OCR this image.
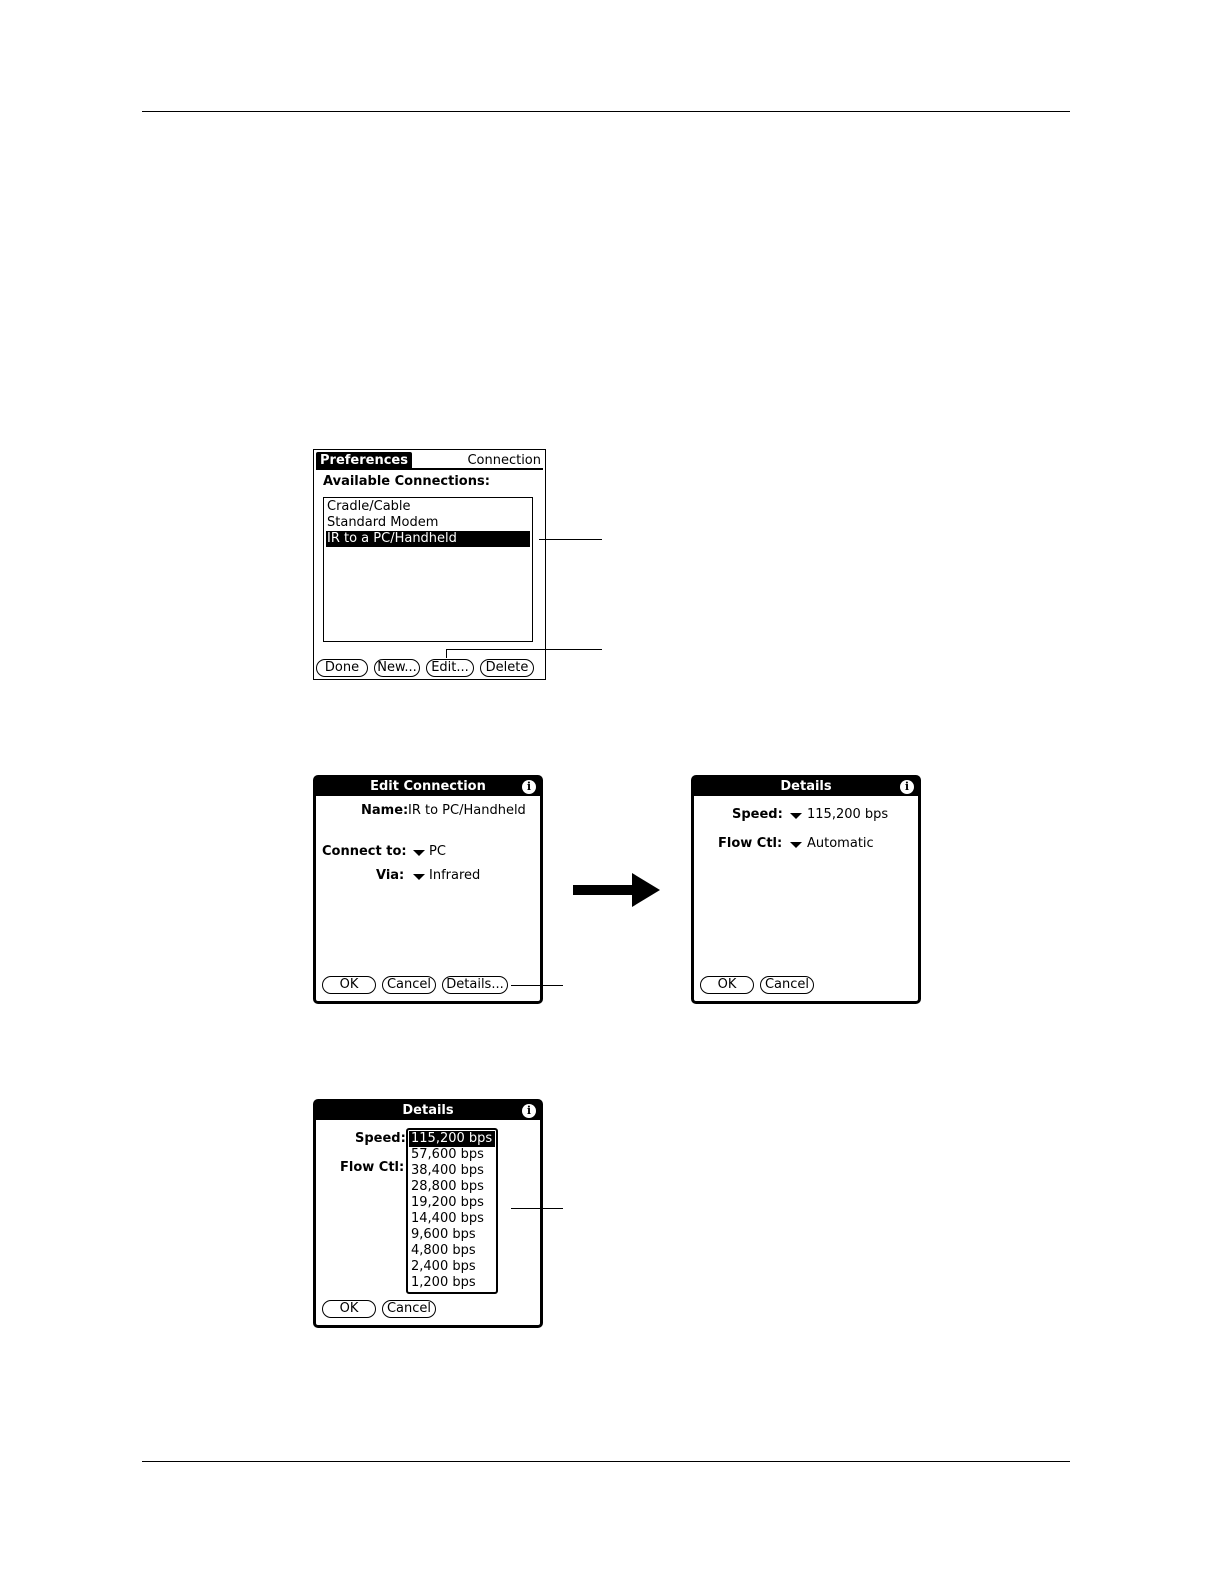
Preferences	Connection
Available Connections:
Cradle/Cable
Standard Modem
IR to a PC/Handheld
Done	New...	Edit...	Delete
Edit Connection	i
Name: IR to PC/Handheld
Connect to: PC
Via: Infrared
OK	Cancel	Details...
Details	i
Speed: 115,200 bps
Flow Ctl: Automatic
OK	Cancel
Details	i
Speed:
Flow Ctl:
115,200 bps
57,600 bps
38,400 bps
28,800 bps
19,200 bps
14,400 bps
9,600 bps
4,800 bps
2,400 bps
1,200 bps
OK	Cancel
